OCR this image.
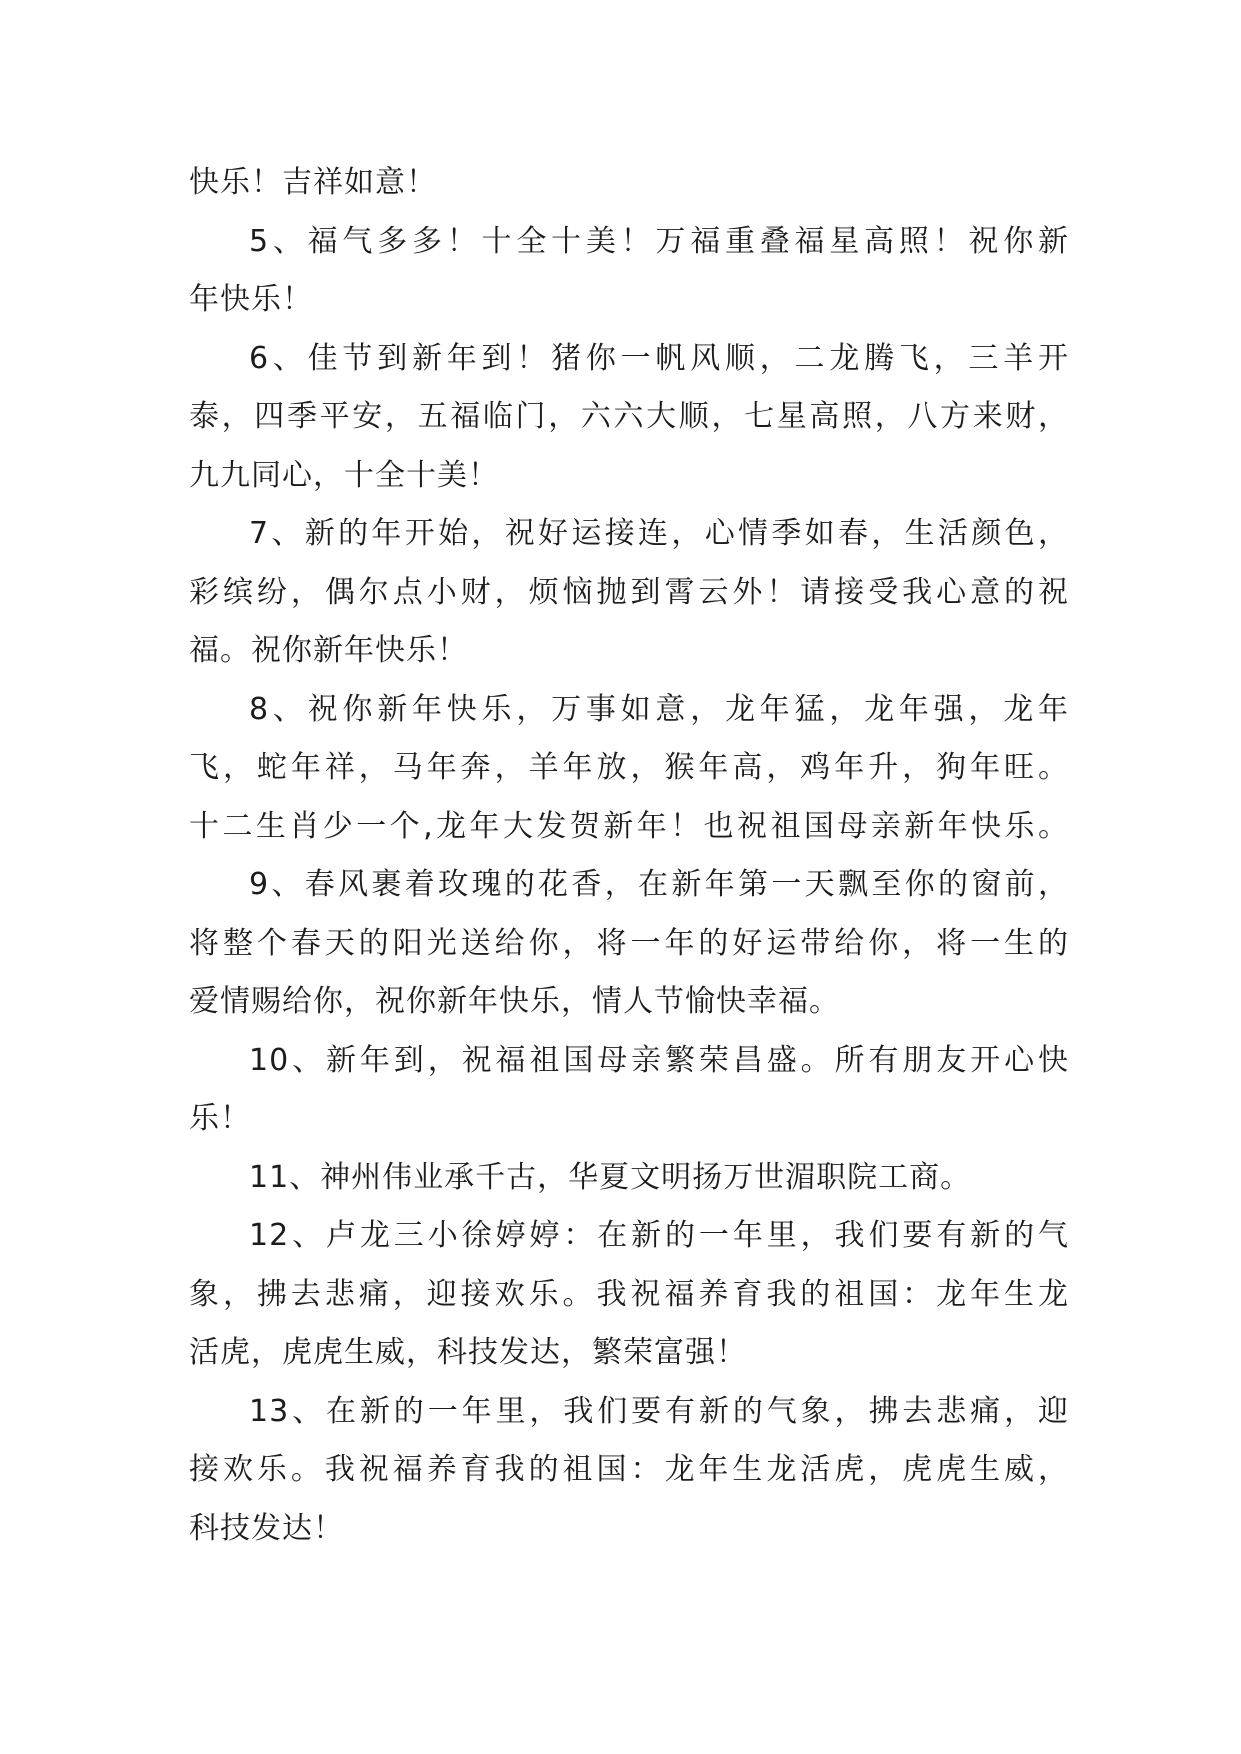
快乐！吉祥如意！

5、福气多多！十全十美！万福重叠福星高照！祝你新
年快乐！

6、佳节到新年到！猪你一帆风顺，二龙腾飞，三羊开
泰，四季平安，五福临门，六六大顺，七星高照，八方来财，
九九同心，十全十美！

7、新的年开始，祝好运接连，心情季如春，生活颜色，
彩缤纷，偶尔点小财，烦恼抛到霄云外！请接受我心意的祝
福。祝你新年快乐！

8、祝你新年快乐，万事如意，龙年猛，龙年强，龙年
飞，蛇年祥，马年奔，羊年放，猴年高，鸡年升，狗年旺。
十二生肖少一个,龙年大发贺新年！也祝祖国母亲新年快乐。

9、春风裹着玫瑰的花香，在新年第一天飘至你的窗前，
将整个春天的阳光送给你，将一年的好运带给你，将一生的
爱情赐给你，祝你新年快乐，情人节愉快幸福。

10、新年到，祝福祖国母亲繁荣昌盛。所有朋友开心快
乐！

11、神州伟业承千古，华夏文明扬万世湄职院工商。

12、卢龙三小徐婷婷：在新的一年里，我们要有新的气
象，拂去悲痛，迎接欢乐。我祝福养育我的祖国：龙年生龙
活虎，虎虎生威，科技发达，繁荣富强！

13、在新的一年里，我们要有新的气象，拂去悲痛，迎
接欢乐。我祝福养育我的祖国：龙年生龙活虎，虎虎生威，
科技发达！
